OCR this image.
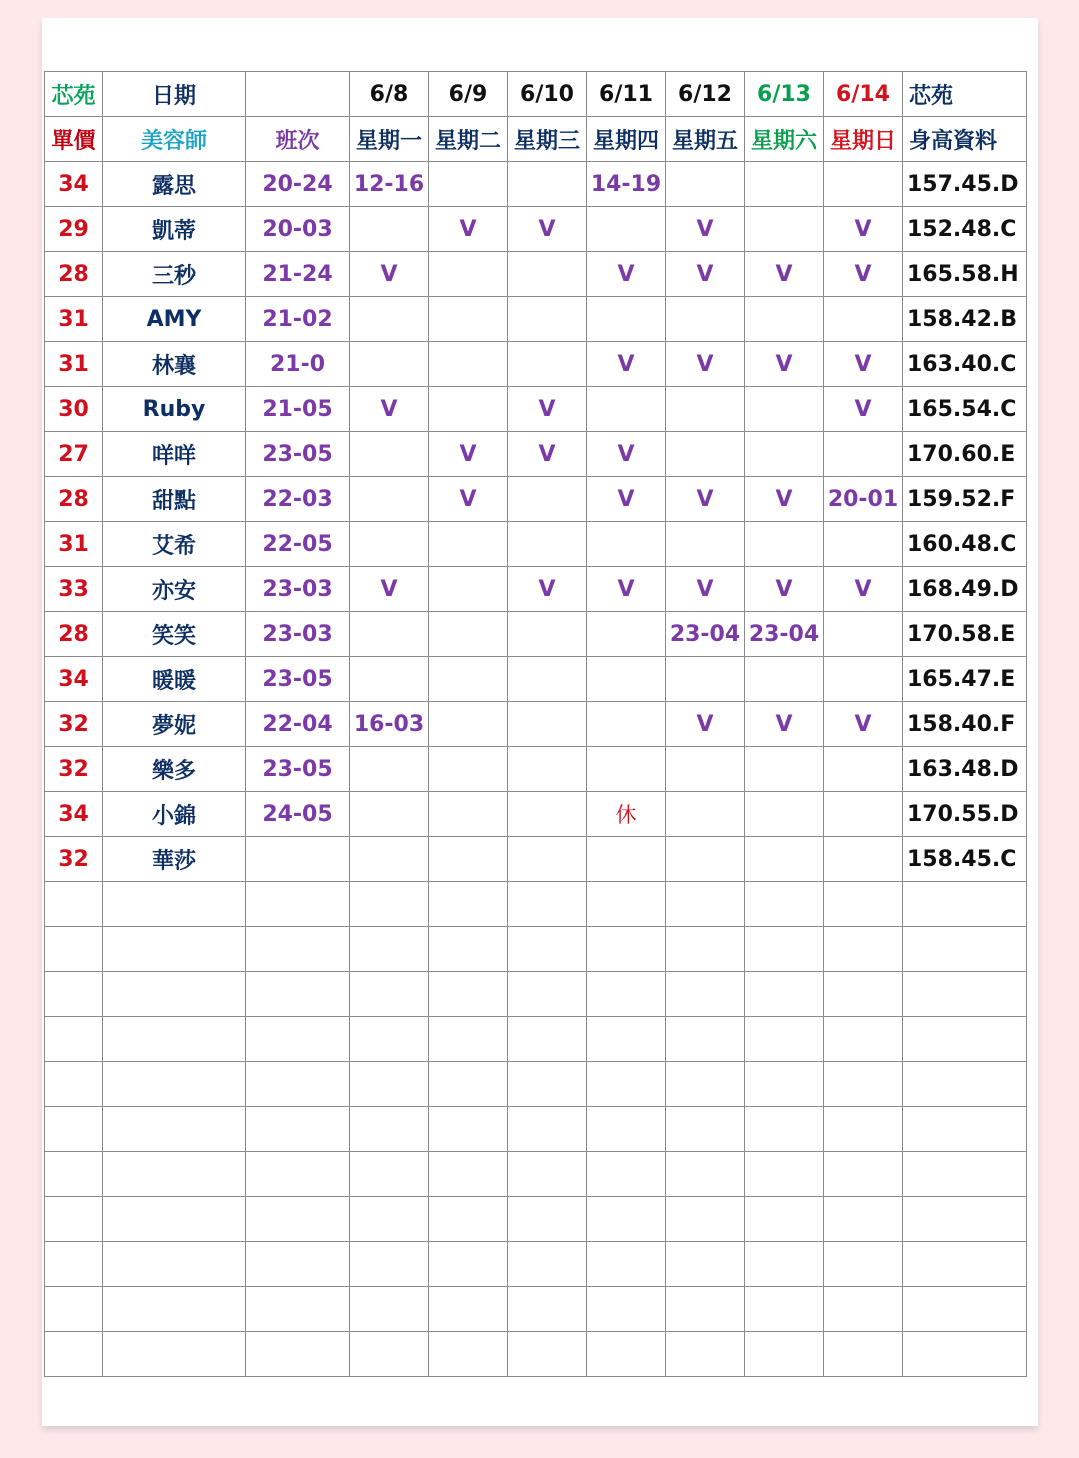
芯苑	日期		6/8	6/9	6/10	6/11	6/12	6/13	6/14	芯苑
單價	美容師	班次	星期一	星期二	星期三	星期四	星期五	星期六	星期日	身高資料
34	露思	20-24	12-16			14-19				157.45.D
29	凱蒂	20-03		V	V		V		V	152.48.C
28	三秒	21-24	V			V	V	V	V	165.58.H
31	AMY	21-02								158.42.B
31	林襄	21-0				V	V	V	V	163.40.C
30	Ruby	21-05	V		V				V	165.54.C
27	咩咩	23-05		V	V	V				170.60.E
28	甜點	22-03		V		V	V	V	20-01	159.52.F
31	艾希	22-05								160.48.C
33	亦安	23-03	V		V	V	V	V	V	168.49.D
28	笑笑	23-03					23-04	23-04		170.58.E
34	暖暖	23-05								165.47.E
32	夢妮	22-04	16-03				V	V	V	158.40.F
32	樂多	23-05								163.48.D
34	小錦	24-05				休				170.55.D
32	華莎									158.45.C
